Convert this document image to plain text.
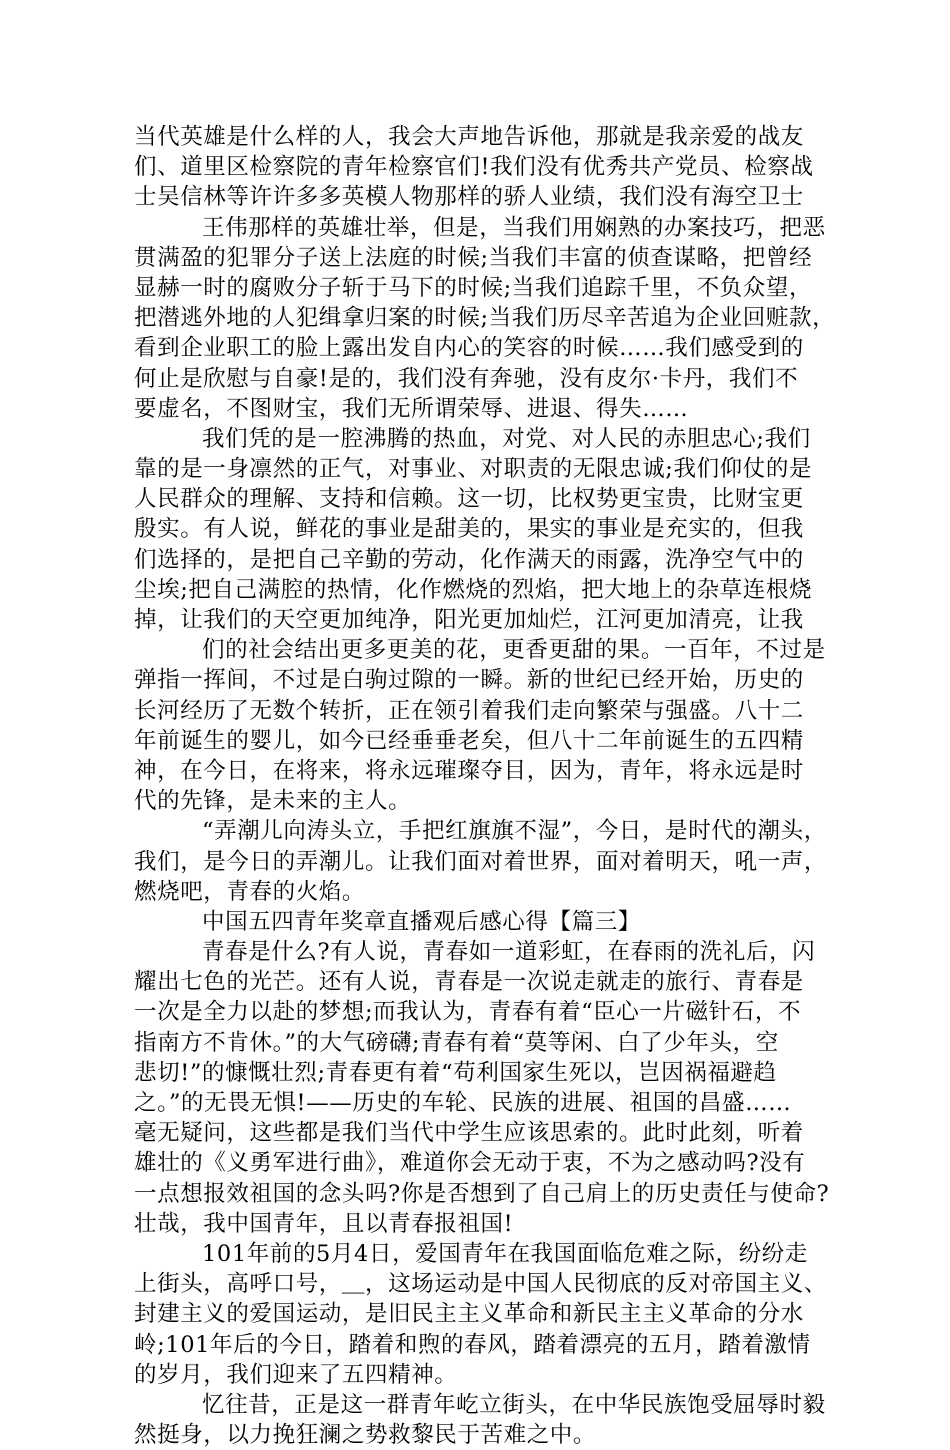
当代英雄是什么样的人，我会大声地告诉他，那就是我亲爱的战友
们、道里区检察院的青年检察官们!我们没有优秀共产党员、检察战
士吴信林等许许多多英模人物那样的骄人业绩，我们没有海空卫士
王伟那样的英雄壮举，但是，当我们用娴熟的办案技巧，把恶
贯满盈的犯罪分子送上法庭的时候;当我们丰富的侦查谋略，把曾经
显赫一时的腐败分子斩于马下的时候;当我们追踪千里，不负众望，
把潜逃外地的人犯缉拿归案的时候;当我们历尽辛苦追为企业回赃款，
看到企业职工的脸上露出发自内心的笑容的时候……我们感受到的
何止是欣慰与自豪!是的，我们没有奔驰，没有皮尔·卡丹，我们不
要虚名，不图财宝，我们无所谓荣辱、进退、得失……
我们凭的是一腔沸腾的热血，对党、对人民的赤胆忠心;我们
靠的是一身凛然的正气，对事业、对职责的无限忠诚;我们仰仗的是
人民群众的理解、支持和信赖。这一切，比权势更宝贵，比财宝更
殷实。有人说，鲜花的事业是甜美的，果实的事业是充实的，但我
们选择的，是把自己辛勤的劳动，化作满天的雨露，洗净空气中的
尘埃;把自己满腔的热情，化作燃烧的烈焰，把大地上的杂草连根烧
掉，让我们的天空更加纯净，阳光更加灿烂，江河更加清亮，让我
们的社会结出更多更美的花，更香更甜的果。一百年，不过是
弹指一挥间，不过是白驹过隙的一瞬。新的世纪已经开始，历史的
长河经历了无数个转折，正在领引着我们走向繁荣与强盛。八十二
年前诞生的婴儿，如今已经垂垂老矣，但八十二年前诞生的五四精
神，在今日，在将来，将永远璀璨夺目，因为，青年，将永远是时
代的先锋，是未来的主人。
“弄潮儿向涛头立，手把红旗旗不湿”，今日，是时代的潮头，
我们，是今日的弄潮儿。让我们面对着世界，面对着明天，吼一声，
燃烧吧，青春的火焰。
中国五四青年奖章直播观后感心得【篇三】
青春是什么?有人说，青春如一道彩虹，在春雨的洗礼后，闪
耀出七色的光芒。还有人说，青春是一次说走就走的旅行、青春是
一次是全力以赴的梦想;而我认为，青春有着“臣心一片磁针石，不
指南方不肯休。”的大气磅礴;青春有着“莫等闲、白了少年头，空
悲切!”的慷慨壮烈;青春更有着“苟利国家生死以，岂因祸福避趋
之。”的无畏无惧!——历史的车轮、民族的进展、祖国的昌盛……
毫无疑问，这些都是我们当代中学生应该思索的。此时此刻，听着
雄壮的《义勇军进行曲》，难道你会无动于衷，不为之感动吗?没有
一点想报效祖国的念头吗?你是否想到了自己肩上的历史责任与使命?
壮哉，我中国青年，且以青春报祖国!
101年前的5月4日，爱国青年在我国面临危难之际，纷纷走
上街头，高呼口号，＿，这场运动是中国人民彻底的反对帝国主义、
封建主义的爱国运动，是旧民主主义革命和新民主主义革命的分水
岭;101年后的今日，踏着和煦的春风，踏着漂亮的五月，踏着激情
的岁月，我们迎来了五四精神。
忆往昔，正是这一群青年屹立街头，在中华民族饱受屈辱时毅
然挺身，以力挽狂澜之势救黎民于苦难之中。
